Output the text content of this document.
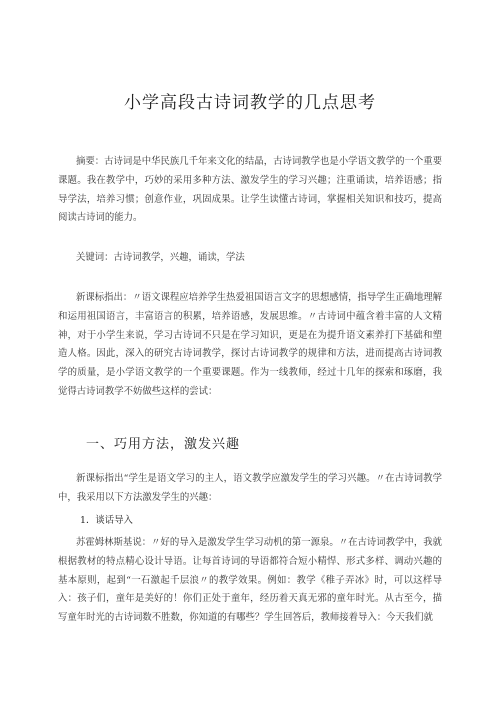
小学高段古诗词教学的几点思考

摘要：古诗词是中华民族几千年来文化的结晶，古诗词教学也是小学语文教学的一个重要课题。我在教学中，巧妙的采用多种方法、激发学生的学习兴趣；注重诵读，培养语感；指导学法，培养习惯；创意作业，巩固成果。让学生读懂古诗词，掌握相关知识和技巧，提高阅读古诗词的能力。

关键词：古诗词教学，兴趣，诵读，学法

新课标指出：〃语文课程应培养学生热爱祖国语言文字的思想感情，指导学生正确地理解和运用祖国语言，丰富语言的积累，培养语感，发展思维。〃古诗词中蕴含着丰富的人文精神，对于小学生来说，学习古诗词不只是在学习知识，更是在为提升语文素养打下基础和塑造人格。因此，深入的研究古诗词教学，探讨古诗词教学的规律和方法，进而提高古诗词教学的质量，是小学语文教学的一个重要课题。作为一线教师，经过十几年的探索和琢磨，我觉得古诗词教学不妨做些这样的尝试：

一、巧用方法，激发兴趣

新课标指出“学生是语文学习的主人，语文教学应激发学生的学习兴趣。〃在古诗词教学中，我采用以下方法激发学生的兴趣：

1．谈话导入

苏霍姆林斯基说：〃好的导入是激发学生学习动机的第一源泉。〃在古诗词教学中，我就根据教材的特点精心设计导语。让每首诗词的导语都符合短小精悍、形式多样、调动兴趣的基本原则，起到“一石激起千层浪〃的教学效果。例如：教学《稚子弄冰》时，可以这样导入：孩子们，童年是美好的！你们正处于童年，经历着天真无邪的童年时光。从古至今，描写童年时光的古诗词数不胜数，你知道的有哪些？学生回答后，教师接着导入：今天我们就
